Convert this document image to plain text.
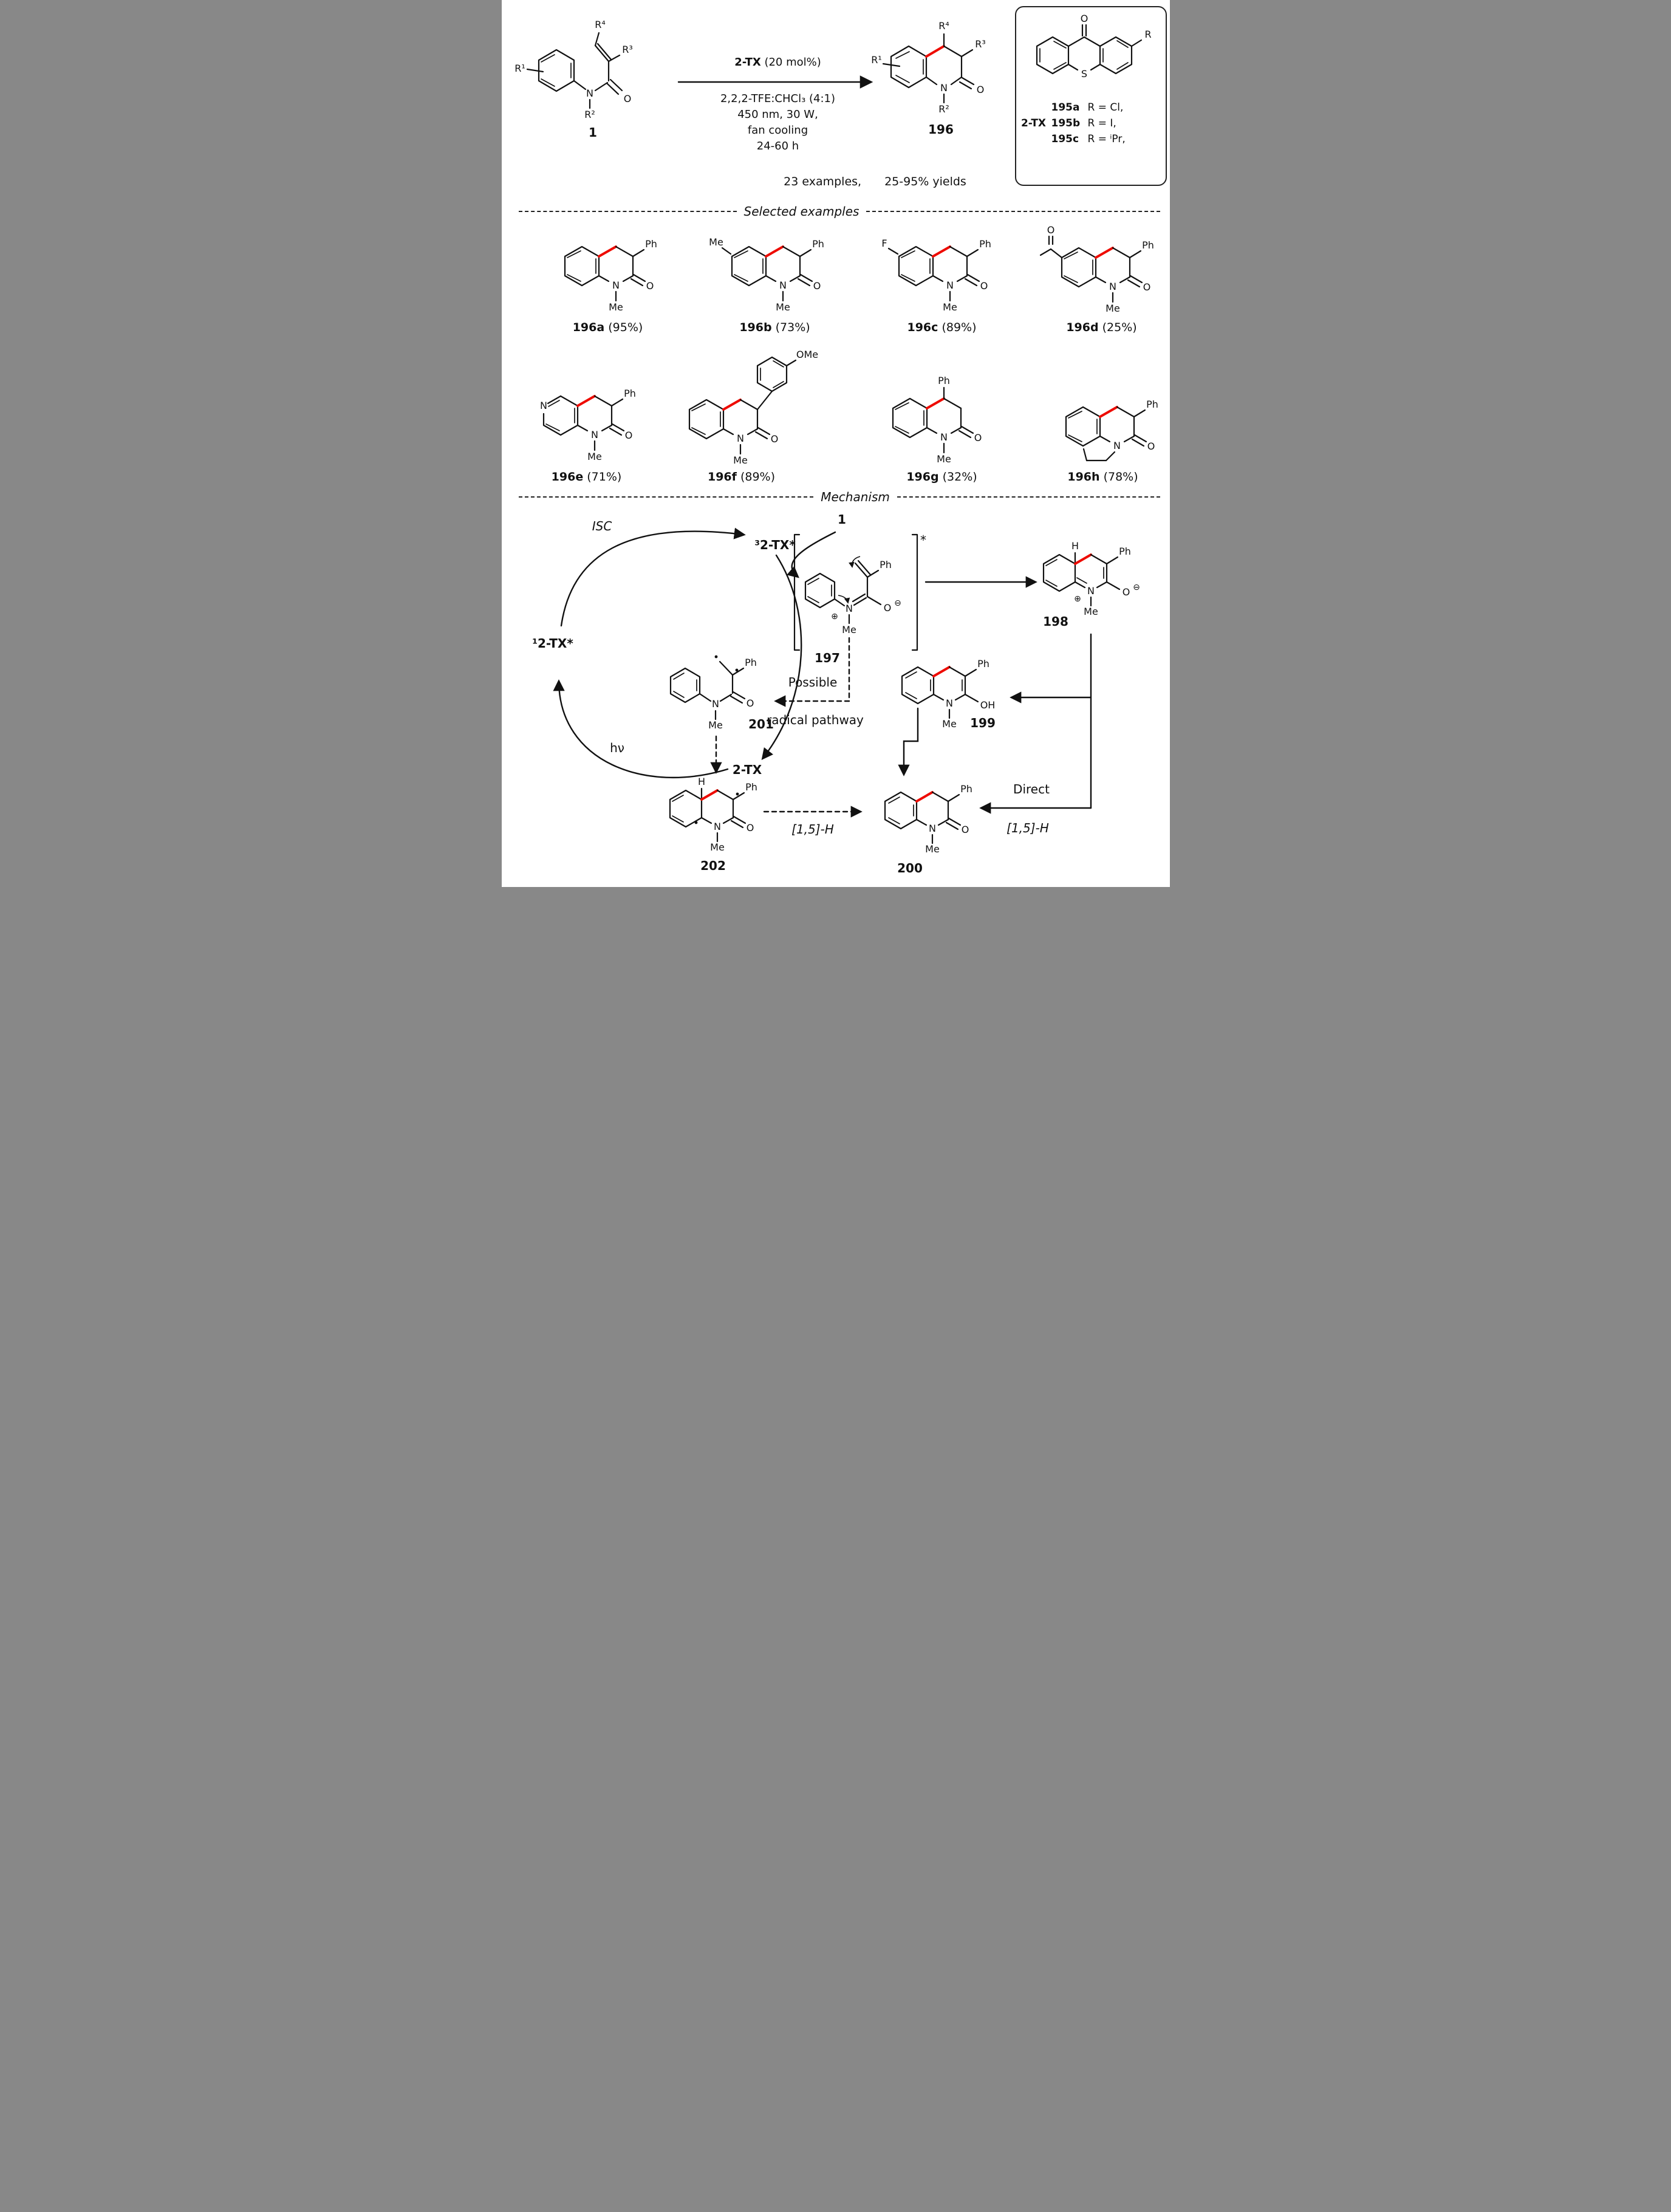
R¹
N
R²
O
R³
R⁴
1
2-TX (20 mol%)
2,2,2-TFE:CHCl₃ (4:1)
450 nm, 30 W,
fan cooling
24-60 h
R⁴
R³
O
N
R²
R¹
196
23 examples, 25-95% yields
O
S
R
195a R = Cl,
2-TX 195b R = I,
195c R = ⁱPr,
Selected examples
Ph
O
N
Me
196a (95%)
Me	Ph
O
N
Me
196b (73%)
F	Ph
O
N
Me
196c (89%)
O
Ph
O
N
Me
196d (25%)
N
Ph
O
N
Me
196e (71%)
O
N
Me
OMe
196f (89%)
Ph
O
N
Me
196g (32%)
Ph
O
N
196h (78%)
Mechanism
ISC
³2-TX*
1
¹2-TX*
hν
2-TX
*
N
⊕
O ⊖
Ph
Me
197
H	Ph
O ⊖
N
⊕
Me
198
Direct
[1,5]-H
Ph
OH
N
Me 199
Ph
O
N
Me
200
Possible
radical pathway
N
Me
O
Ph
201
H	Ph
O
N
Me
202
[1,5]-H
